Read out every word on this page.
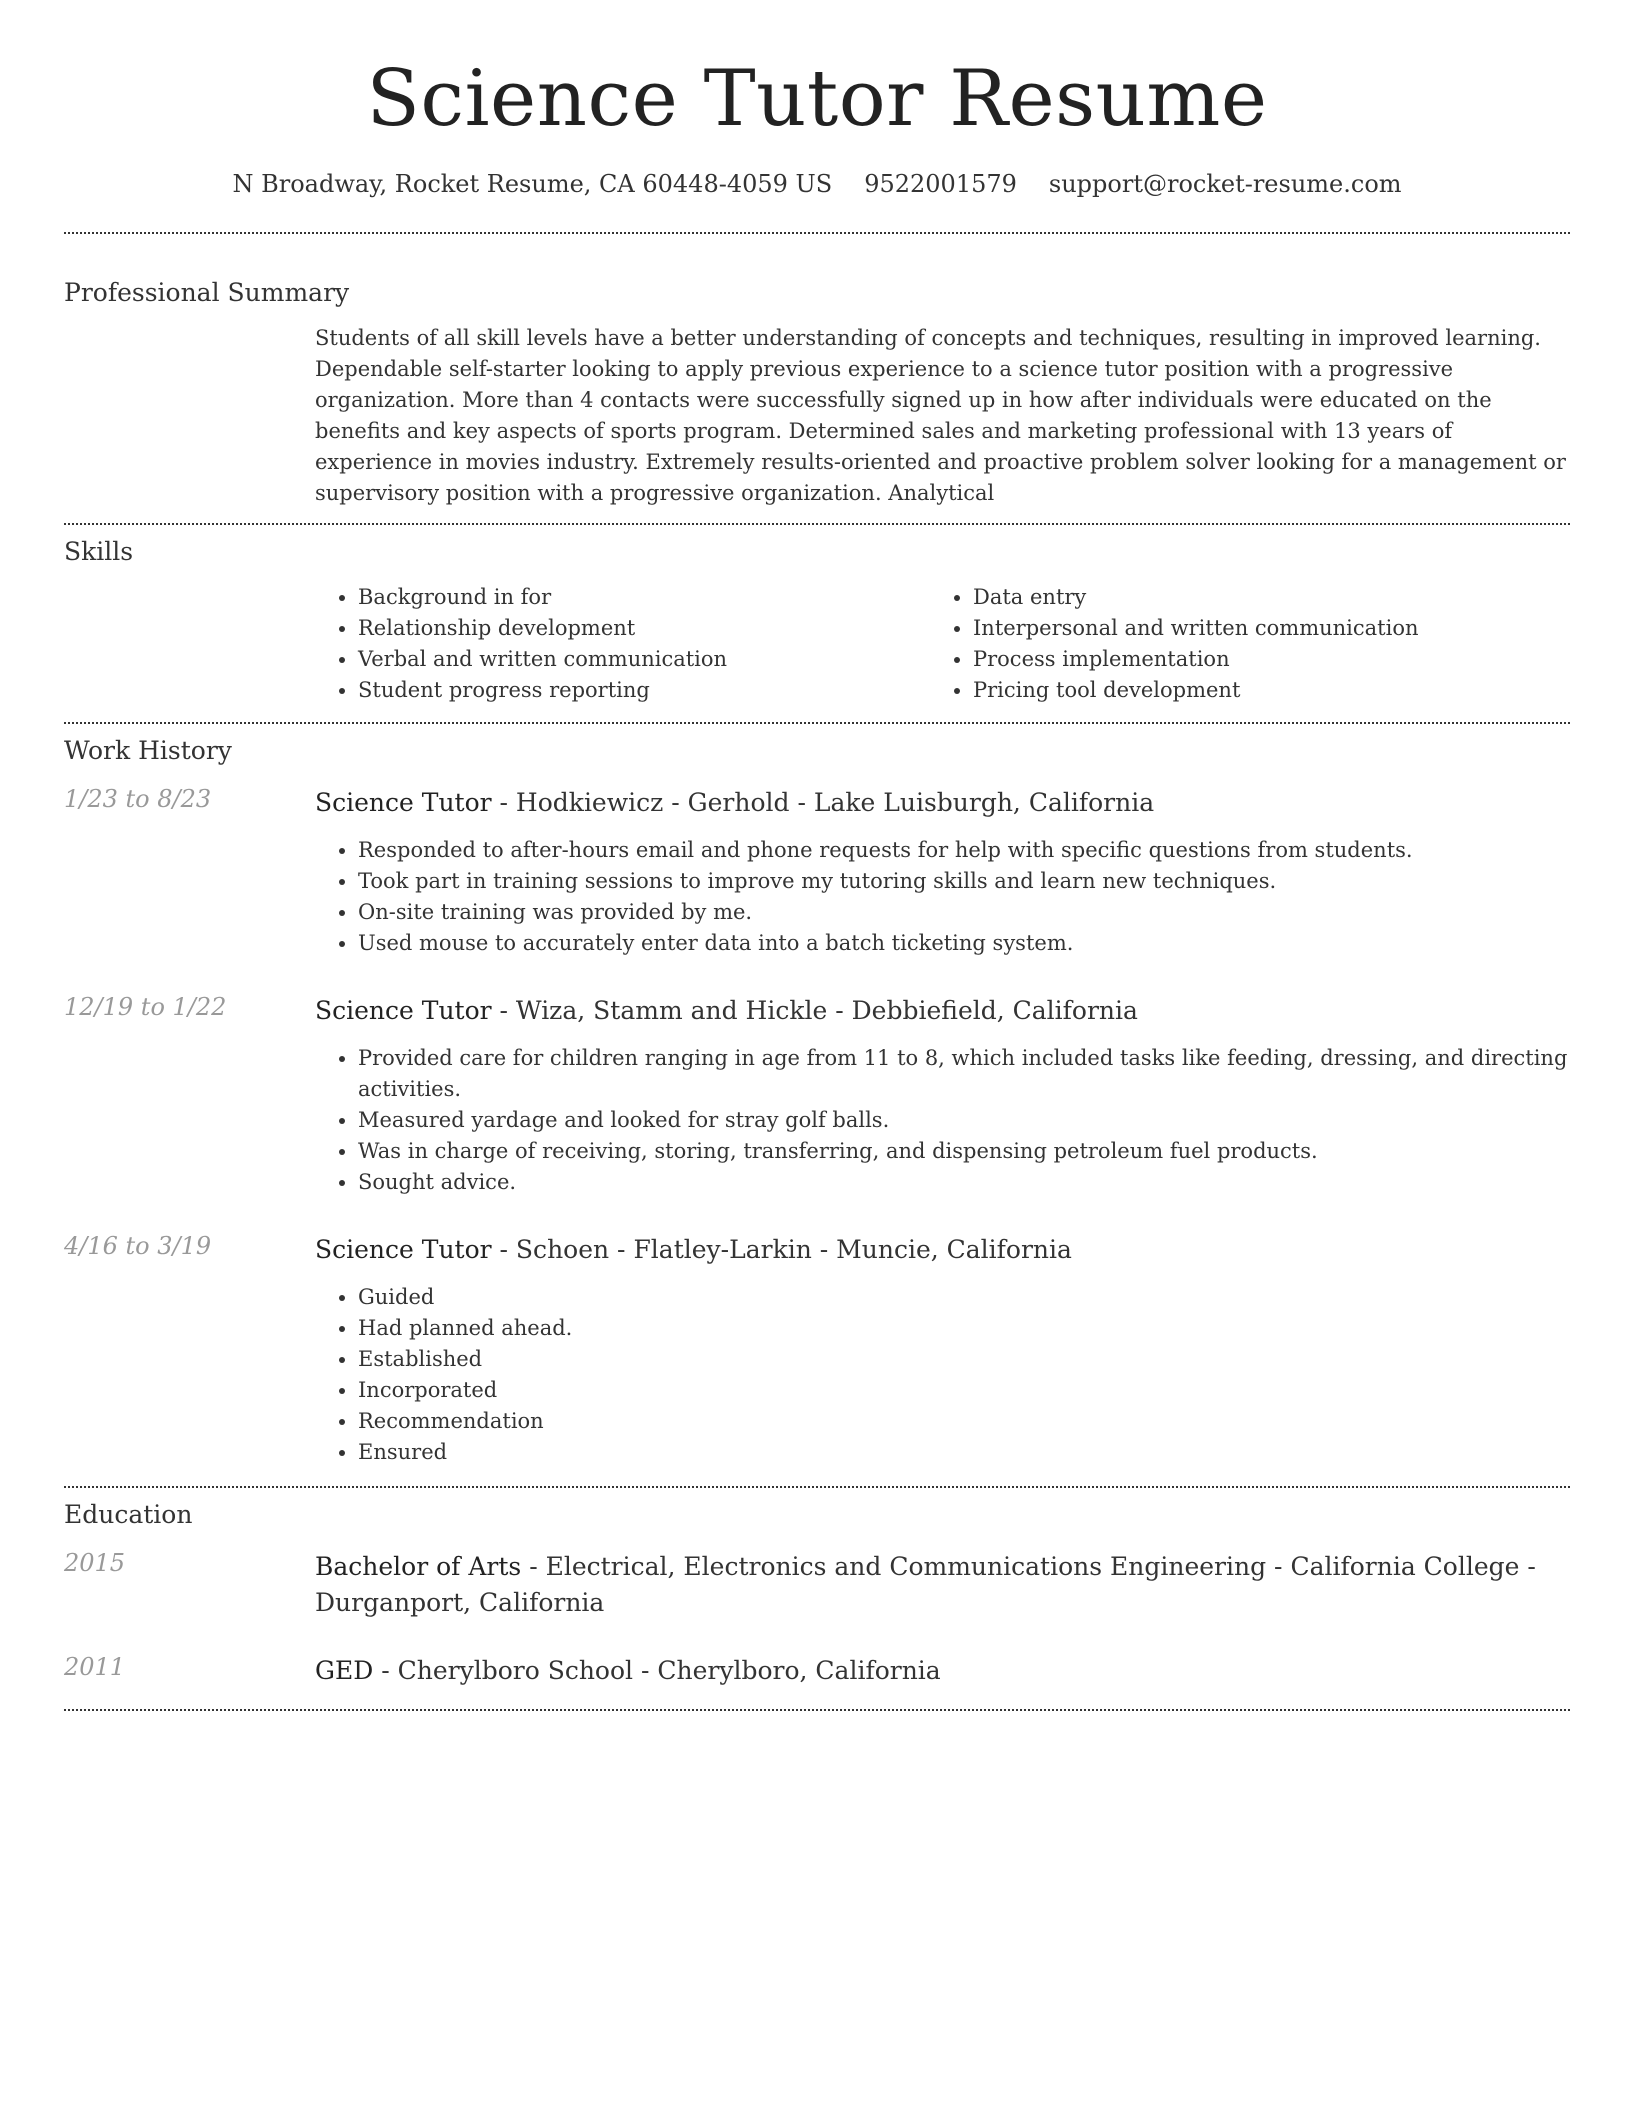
Science Tutor Resume
N Broadway, Rocket Resume, CA 60448-4059 US 9522001579 support@rocket-resume.com
Professional Summary
Students of all skill levels have a better understanding of concepts and techniques, resulting in improved learning. Dependable self-starter looking to apply previous experience to a science tutor position with a progressive organization. More than 4 contacts were successfully signed up in how after individuals were educated on the benefits and key aspects of sports program. Determined sales and marketing professional with 13 years of experience in movies industry. Extremely results-oriented and proactive problem solver looking for a management or supervisory position with a progressive organization. Analytical
Skills
• Background in for
• Relationship development
• Verbal and written communication
• Student progress reporting
• Data entry
• Interpersonal and written communication
• Process implementation
• Pricing tool development
Work History
1/23 to 8/23	Science Tutor - Hodkiewicz - Gerhold - Lake Luisburgh, California
• Responded to after-hours email and phone requests for help with specific questions from students.
• Took part in training sessions to improve my tutoring skills and learn new techniques.
• On-site training was provided by me.
• Used mouse to accurately enter data into a batch ticketing system.
12/19 to 1/22	Science Tutor - Wiza, Stamm and Hickle - Debbiefield, California
• Provided care for children ranging in age from 11 to 8, which included tasks like feeding, dressing, and directing activities.
• Measured yardage and looked for stray golf balls.
• Was in charge of receiving, storing, transferring, and dispensing petroleum fuel products.
• Sought advice.
4/16 to 3/19	Science Tutor - Schoen - Flatley-Larkin - Muncie, California
• Guided
• Had planned ahead.
• Established
• Incorporated
• Recommendation
• Ensured
Education
2015	Bachelor of Arts - Electrical, Electronics and Communications Engineering - California College - Durganport, California
2011	GED - Cherylboro School - Cherylboro, California
